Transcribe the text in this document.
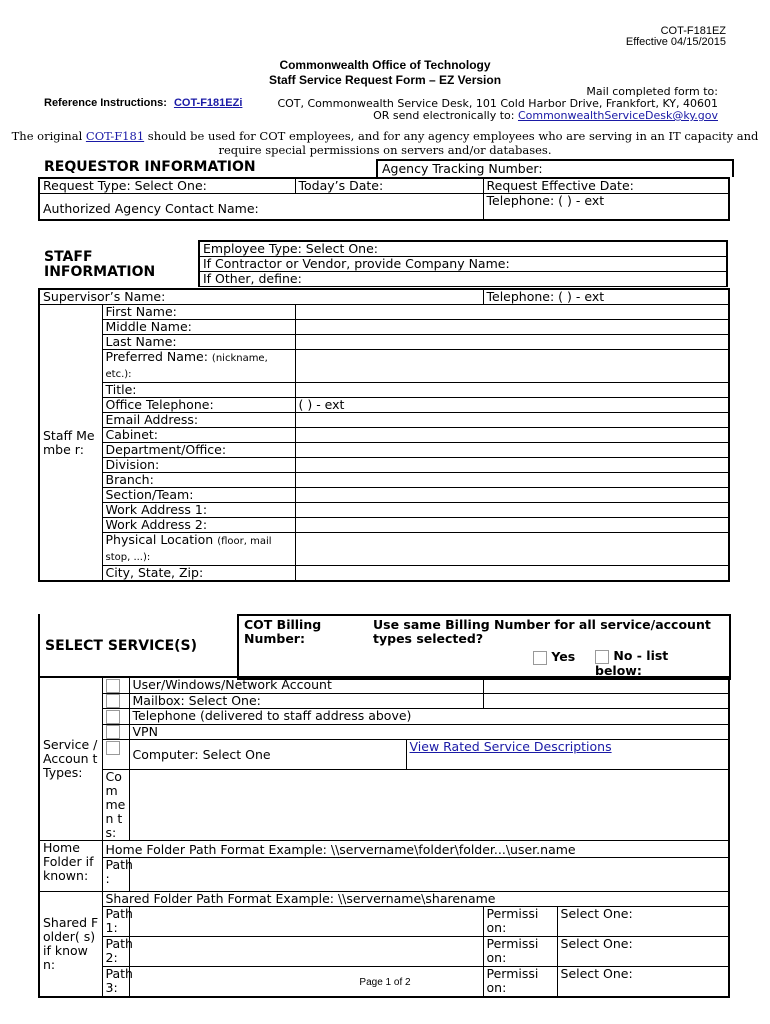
COT-F181EZ
Effective 04/15/2015
Commonwealth Office of Technology
Staff Service Request Form – EZ Version
Reference Instructions: COT-F181EZi
Mail completed form to:
COT, Commonwealth Service Desk, 101 Cold Harbor Drive, Frankfort, KY, 40601
OR send electronically to: CommonwealthServiceDesk@ky.gov
The original COT-F181 should be used for COT employees, and for any agency employees who are serving in an IT capacity and
require special permissions on servers and/or databases.
REQUESTOR INFORMATION	Agency Tracking Number:
Request Type: Select One:	Today’s Date:	Request Effective Date:
Authorized Agency Contact Name:		Telephone: ( ) - ext
STAFF
INFORMATION
Employee Type: Select One:
If Contractor or Vendor, provide Company Name:
If Other, define:
Supervisor’s Name:			Telephone: ( ) - ext
Staff Membe r:	First Name:		
	Middle Name:		
	Last Name:		
	Preferred Name: (nickname, etc.):		
	Title:		
	Office Telephone:	( ) - ext	
	Email Address:		
	Cabinet:		
	Department/Office:		
	Division:		
	Branch:		
	Section/Team:		
	Work Address 1:		
	Work Address 2:		
	Physical Location (floor, mail stop, ...):		
	City, State, Zip:		
SELECT SERVICE(S)
COT Billing Number:
Use same Billing Number for all service/account types selected?
Yes	No - list below:
Service / Accoun t Types:		User/Windows/Network Account			
		Mailbox: Select One:			
		Telephone (delivered to staff address above)			
		VPN			
		Computer: Select One	View Rated Service Descriptions		
	Commen ts:				
Home Folder if known:	Home Folder Path Format Example: \\servername\folder\folder...\user.name				
	Path :				
Shared Folder( s) if known:	Shared Folder Path Format Example: \\servername\sharename				
	Path 1:			Permissi on:	Select One:
	Path 2:			Permissi on:	Select One:
	Path 3:			Permissi on:	Select One:
Page 1 of 2
